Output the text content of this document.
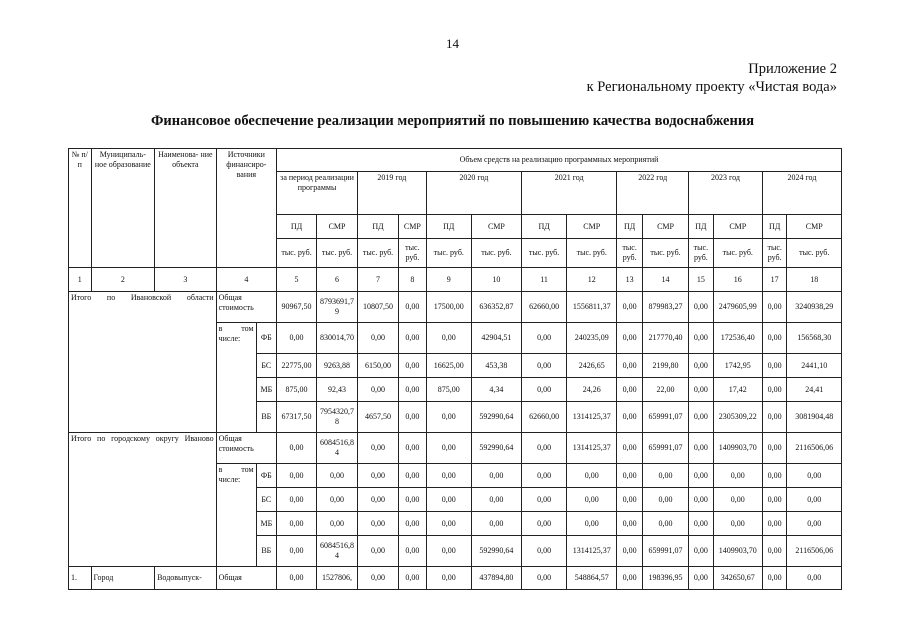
14
Приложение 2
к Региональному проекту «Чистая вода»
Финансовое обеспечение реализации мероприятий по повышению качества водоснабжения
№ п/п	Муниципаль- ное образование	Наименова- ние объекта	Источники финансиро- вания		Объем средств на реализацию программных мероприятий													
					за период реализации программы		2019 год		2020 год		2021 год		2022 год		2023 год		2024 год	
					ПД	СМР	ПД	СМР	ПД	СМР	ПД	СМР	ПД	СМР	ПД	СМР	ПД	СМР
					тыс. руб.	тыс. руб.	тыс. руб.	тыс. руб.	тыс. руб.	тыс. руб.	тыс. руб.	тыс. руб.	тыс. руб.	тыс. руб.	тыс. руб.	тыс. руб.	тыс. руб.	тыс. руб.
1	2	3	4		5	6	7	8	9	10	11	12	13	14	15	16	17	18
Итого по Ивановской области			Общая стоимость		90967,50	8793691,79	10807,50	0,00	17500,00	636352,87	62660,00	1556811,37	0,00	879983,27	0,00	2479605,99	0,00	3240938,29
			в том числе:	ФБ	0,00	830014,70	0,00	0,00	0,00	42904,51	0,00	240235,09	0,00	217770,40	0,00	172536,40	0,00	156568,30
				БС	22775,00	9263,88	6150,00	0,00	16625,00	453,38	0,00	2426,65	0,00	2199,80	0,00	1742,95	0,00	2441,10
				МБ	875,00	92,43	0,00	0,00	875,00	4,34	0,00	24,26	0,00	22,00	0,00	17,42	0,00	24,41
				ВБ	67317,50	7954320,78	4657,50	0,00	0,00	592990,64	62660,00	1314125,37	0,00	659991,07	0,00	2305309,22	0,00	3081904,48
Итого по городскому округу Иваново			Общая стоимость		0,00	6084516,84	0,00	0,00	0,00	592990,64	0,00	1314125,37	0,00	659991,07	0,00	1409903,70	0,00	2116506,06
			в том числе:	ФБ	0,00	0,00	0,00	0,00	0,00	0,00	0,00	0,00	0,00	0,00	0,00	0,00	0,00	0,00
				БС	0,00	0,00	0,00	0,00	0,00	0,00	0,00	0,00	0,00	0,00	0,00	0,00	0,00	0,00
				МБ	0,00	0,00	0,00	0,00	0,00	0,00	0,00	0,00	0,00	0,00	0,00	0,00	0,00	0,00
				ВБ	0,00	6084516,84	0,00	0,00	0,00	592990,64	0,00	1314125,37	0,00	659991,07	0,00	1409903,70	0,00	2116506,06
1.	Город	Водовыпуск-	Общая		0,00	1527806,	0,00	0,00	0,00	437894,80	0,00	548864,57	0,00	198396,95	0,00	342650,67	0,00	0,00
